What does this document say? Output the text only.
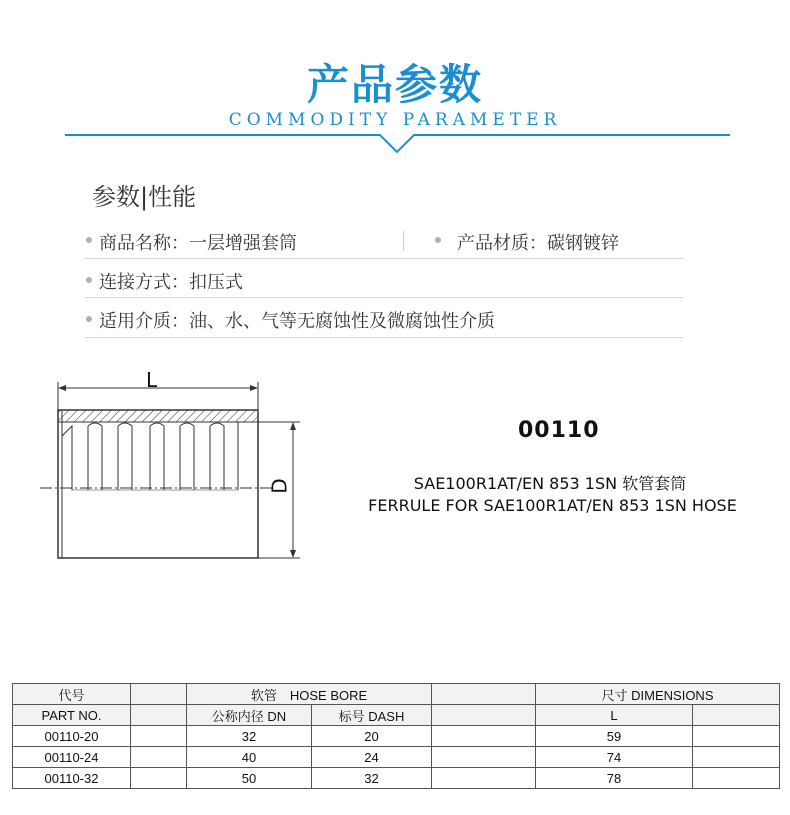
产品参数
COMMODITY PARAMETER
参数|性能
商品名称：一层增强套筒	产品材质：碳钢镀锌
连接方式：扣压式
适用介质：油、水、气等无腐蚀性及微腐蚀性介质
L
D
00110
SAE100R1AT/EN 853 1SN 软管套筒
FERRULE FOR SAE100R1AT/EN 853 1SN HOSE
代号		软管　HOSE BORE			尺寸 DIMENSIONS	
PART NO.		公称内径 DN	标号 DASH		L	
00110-20		32	20		59	
00110-24		40	24		74	
00110-32		50	32		78	
